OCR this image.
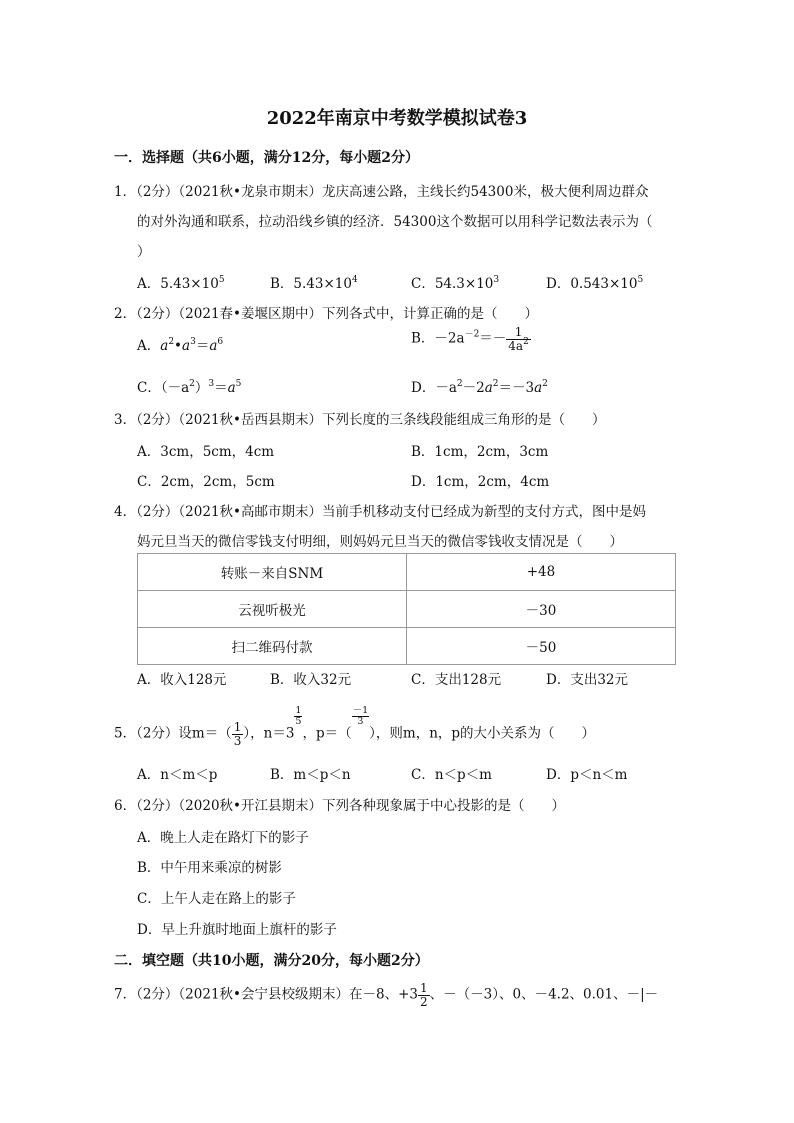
2022年南京中考数学模拟试卷3
一．选择题（共6小题，满分12分，每小题2分）
1．（2分）（2021秋•龙泉市期末）龙庆高速公路，主线长约54300米，极大便利周边群众
的对外沟通和联系，拉动沿线乡镇的经济．54300这个数据可以用科学记数法表示为（
）
A．$5.43\times 10^5$	B．$5.43\times 10^4$	C．$54.3\times 10^3$	D．$0.543\times 10^5$
2．（2分）（2021春•姜堰区期中）下列各式中，计算正确的是（　　）
A．$a^2•a^3=a^6$	B．$-2a^{-2}=- \frac{1}{4a^2}$
C．$(-a^2)^3=a^5$	D．$-a^2-2a^2=-3a^2$
3．（2分）（2021秋•岳西县期末）下列长度的三条线段能组成三角形的是（　　）
A．3cm，5cm，4cm	B．1cm，2cm，3cm
C．2cm，2cm，5cm	D．1cm，2cm，4cm
4．（2分）（2021秋•高邮市期末）当前手机移动支付已经成为新型的支付方式，图中是妈
妈元旦当天的微信零钱支付明细，则妈妈元旦当天的微信零钱收支情况是（　　）
转账－来自SNM	+48
云视听极光	－30
扫二维码付款	－50
A．收入128元	B．收入32元	C．支出128元	D．支出32元
5．（2分）设$m=( \frac{1}{3}$ ），n＝3
$\frac{1}{5}$
，p＝（
$\frac{-1}{3}$
），则m，n，p的大小关系为（　　）
A．n＜m＜p	B．m＜p＜n	C．n＜p＜m	D．p＜n＜m
6．（2分）（2020秋•开江县期末）下列各种现象属于中心投影的是（　　）
A．晚上人走在路灯下的影子
B．中午用来乘凉的树影
C．上午人走在路上的影子
D．早上升旗时地面上旗杆的影子
二．填空题（共10小题，满分20分，每小题2分）
7．（2分）（2021秋•会宁县校级期末）在－8、$+3 \frac{1}{2}$ 、－（－3）、0、－4.2、0.01、－|－
